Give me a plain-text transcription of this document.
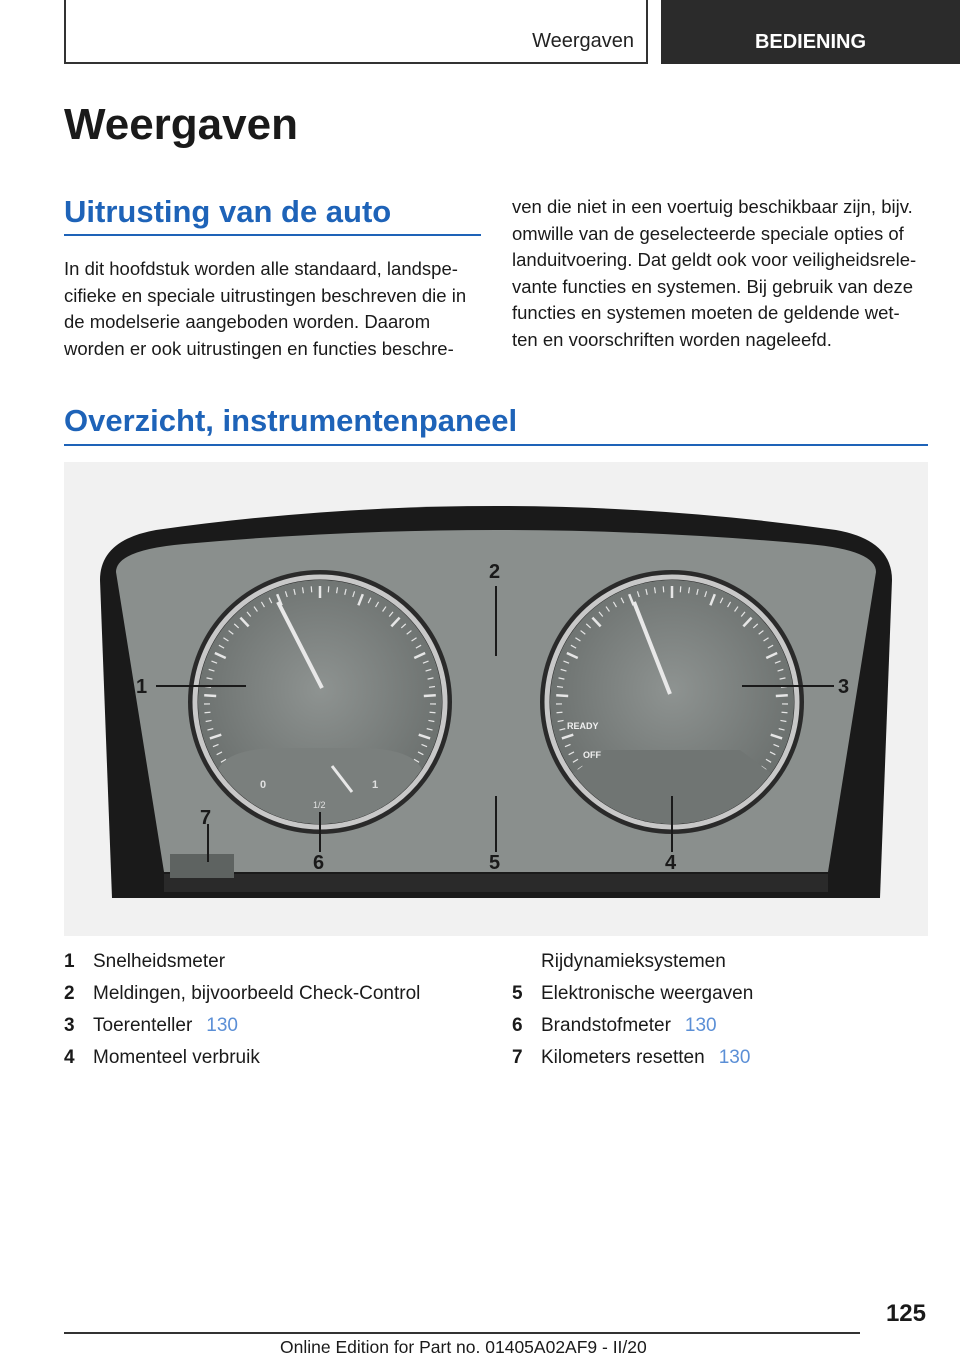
Weergaven	BEDIENING
Weergaven
Uitrusting van de auto
In dit hoofdstuk worden alle standaard, landspe-
cifieke en speciale uitrustingen beschreven die in
de modelserie aangeboden worden. Daarom
worden er ook uitrustingen en functies beschre-
ven die niet in een voertuig beschikbaar zijn, bijv.
omwille van de geselecteerde speciale opties of
landuitvoering. Dat geldt ook voor veiligheidsrele-
vante functies en systemen. Bij gebruik van deze
functies en systemen moeten de geldende wet-
ten en voorschriften worden nageleefd.
Overzicht, instrumentenpaneel
0	1
1/2
READY
OFF
1
2
3
4
5
6
7
1 Snelheidsmeter
2 Meldingen, bijvoorbeeld Check-Control
3 Toerenteller 130
4 Momenteel verbruik
Rijdynamieksystemen
5 Elektronische weergaven
6 Brandstofmeter 130
7 Kilometers resetten 130
125
Online Edition for Part no. 01405A02AF9 - II/20
